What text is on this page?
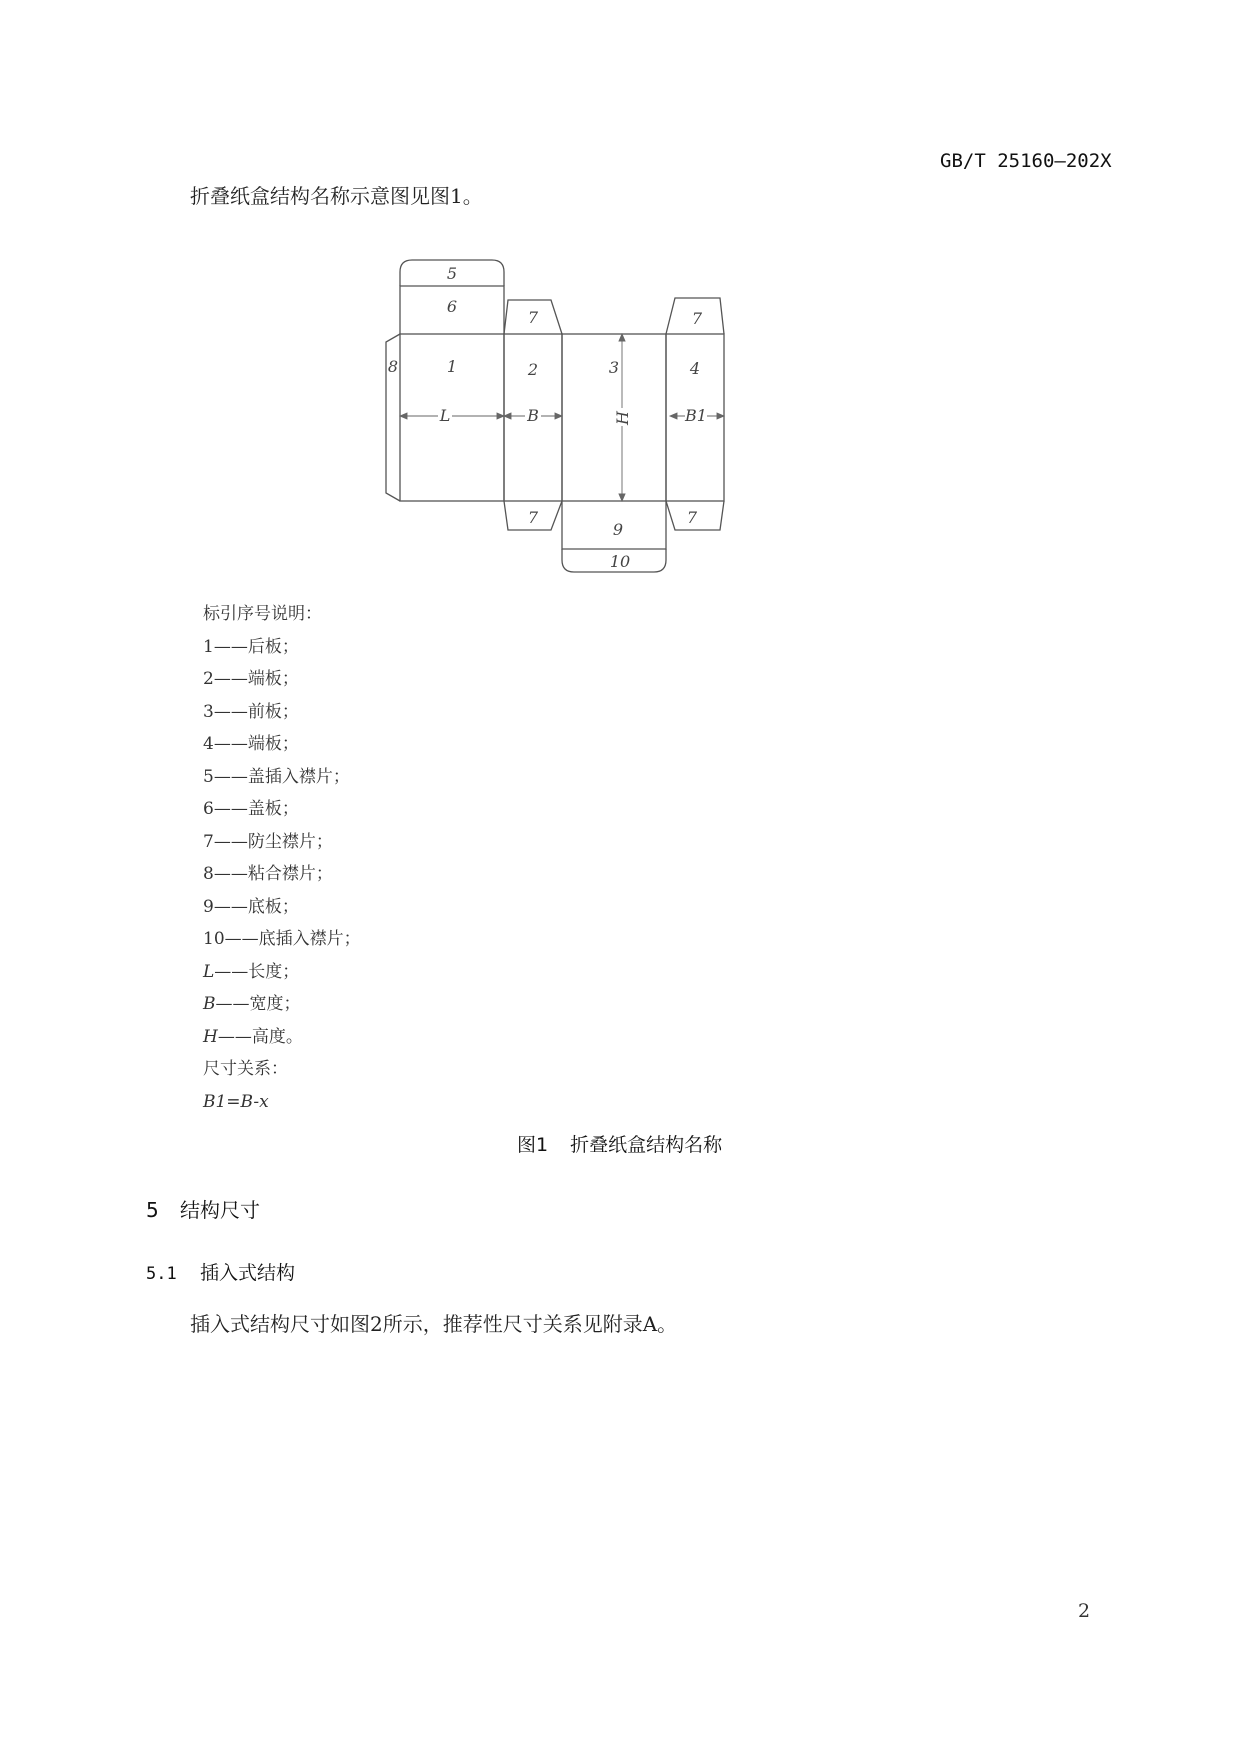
GB/T 25160—202X
折叠纸盒结构名称示意图见图1。
5
6
7	7
8	1	2	3	4
L	B	B1
H
7	7
9
10
标引序号说明：
1——后板；
2——端板；
3——前板；
4——端板；
5——盖插入襟片；
6——盖板；
7——防尘襟片；
8——粘合襟片；
9——底板；
10——底插入襟片；
L——长度；
B——宽度；
H——高度。
尺寸关系：
B1=B-x
图1 折叠纸盒结构名称
5 结构尺寸
5.1 插入式结构
插入式结构尺寸如图2所示，推荐性尺寸关系见附录A。
2
